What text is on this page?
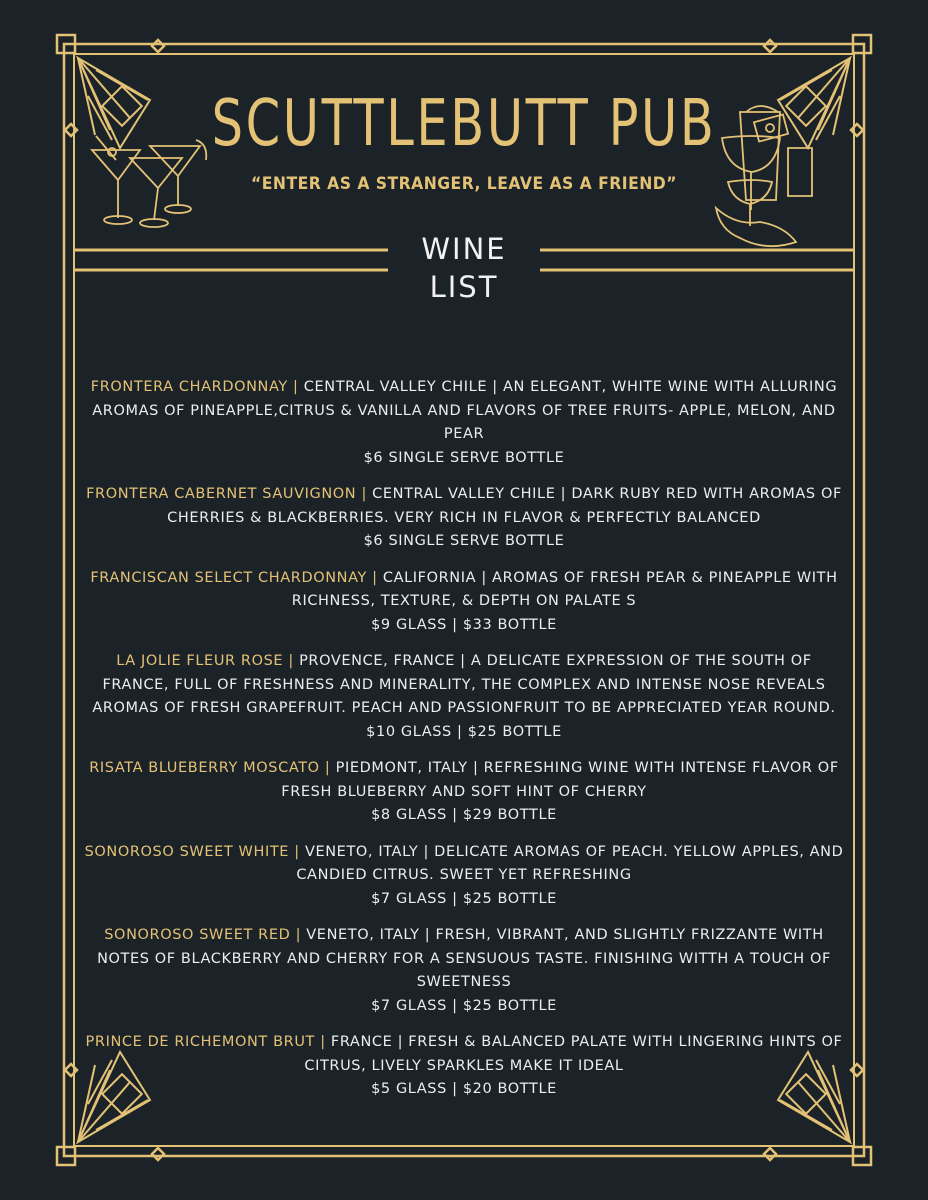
SCUTTLEBUTT PUB
“ENTER AS A STRANGER, LEAVE AS A FRIEND”
WINE
LIST
FRONTERA CHARDONNAY | CENTRAL VALLEY CHILE | AN ELEGANT, WHITE WINE WITH ALLURING AROMAS OF PINEAPPLE,CITRUS & VANILLA AND FLAVORS OF TREE FRUITS- APPLE, MELON, AND PEAR
$6 SINGLE SERVE BOTTLE
FRONTERA CABERNET SAUVIGNON | CENTRAL VALLEY CHILE | DARK RUBY RED WITH AROMAS OF CHERRIES & BLACKBERRIES. VERY RICH IN FLAVOR & PERFECTLY BALANCED
$6 SINGLE SERVE BOTTLE
FRANCISCAN SELECT CHARDONNAY | CALIFORNIA | AROMAS OF FRESH PEAR & PINEAPPLE WITH RICHNESS, TEXTURE, & DEPTH ON PALATE S
$9 GLASS | $33 BOTTLE
LA JOLIE FLEUR ROSE | PROVENCE, FRANCE | A DELICATE EXPRESSION OF THE SOUTH OF FRANCE, FULL OF FRESHNESS AND MINERALITY, THE COMPLEX AND INTENSE NOSE REVEALS AROMAS OF FRESH GRAPEFRUIT. PEACH AND PASSIONFRUIT TO BE APPRECIATED YEAR ROUND.
$10 GLASS | $25 BOTTLE
RISATA BLUEBERRY MOSCATO | PIEDMONT, ITALY | REFRESHING WINE WITH INTENSE FLAVOR OF FRESH BLUEBERRY AND SOFT HINT OF CHERRY
$8 GLASS | $29 BOTTLE
SONOROSO SWEET WHITE | VENETO, ITALY | DELICATE AROMAS OF PEACH. YELLOW APPLES, AND CANDIED CITRUS. SWEET YET REFRESHING
$7 GLASS | $25 BOTTLE
SONOROSO SWEET RED | VENETO, ITALY | FRESH, VIBRANT, AND SLIGHTLY FRIZZANTE WITH NOTES OF BLACKBERRY AND CHERRY FOR A SENSUOUS TASTE. FINISHING WITTH A TOUCH OF SWEETNESS
$7 GLASS | $25 BOTTLE
PRINCE DE RICHEMONT BRUT | FRANCE | FRESH & BALANCED PALATE WITH LINGERING HINTS OF CITRUS, LIVELY SPARKLES MAKE IT IDEAL
$5 GLASS | $20 BOTTLE
